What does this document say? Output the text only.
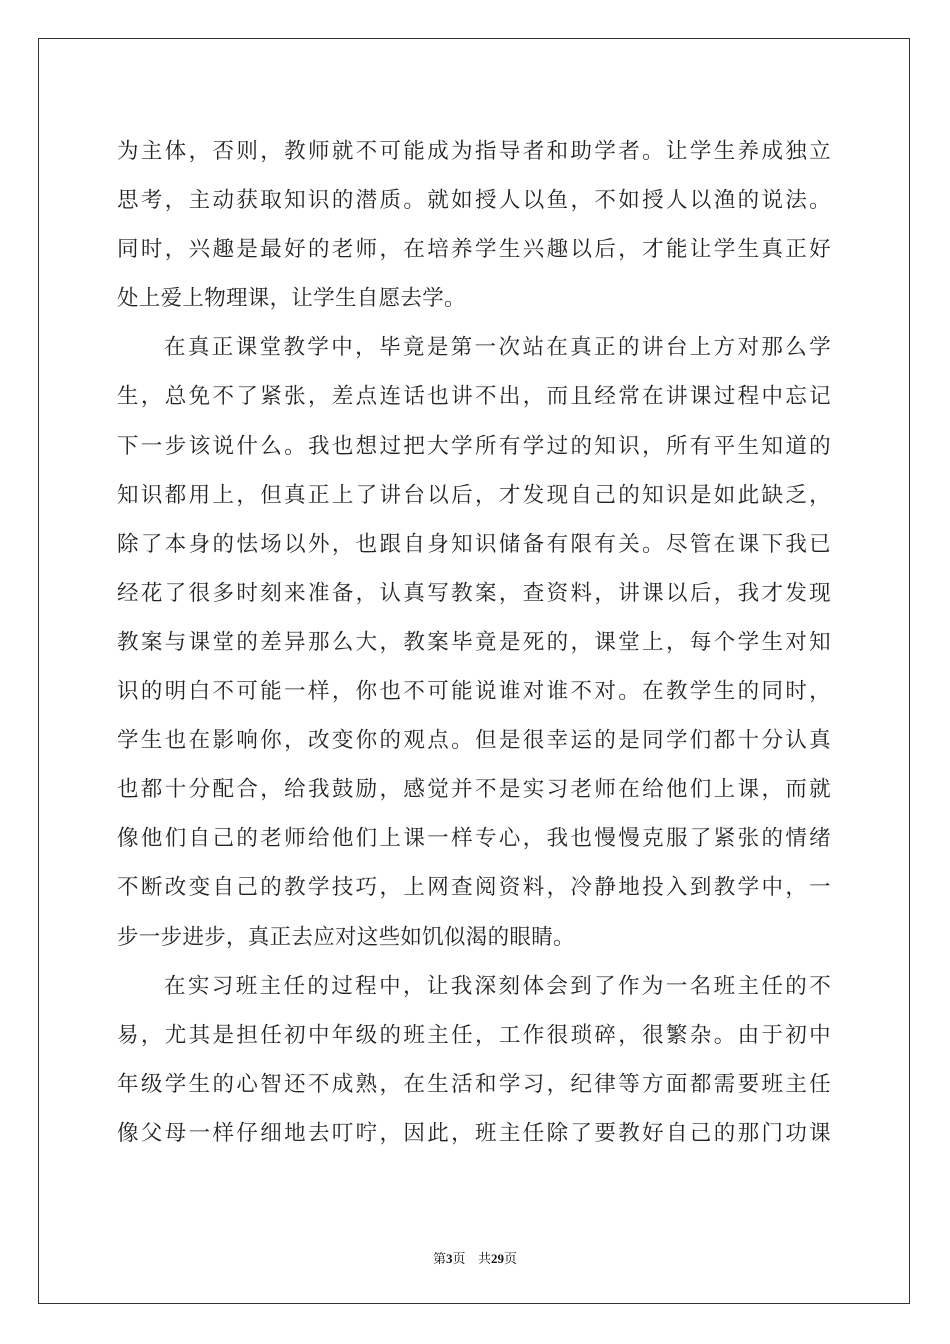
为主体，否则，教师就不可能成为指导者和助学者。让学生养成独立
思考，主动获取知识的潜质。就如授人以鱼，不如授人以渔的说法。
同时，兴趣是最好的老师，在培养学生兴趣以后，才能让学生真正好
处上爱上物理课，让学生自愿去学。
在真正课堂教学中，毕竟是第一次站在真正的讲台上方对那么学
生，总免不了紧张，差点连话也讲不出，而且经常在讲课过程中忘记
下一步该说什么。我也想过把大学所有学过的知识，所有平生知道的
知识都用上，但真正上了讲台以后，才发现自己的知识是如此缺乏，
除了本身的怯场以外，也跟自身知识储备有限有关。尽管在课下我已
经花了很多时刻来准备，认真写教案，查资料，讲课以后，我才发现
教案与课堂的差异那么大，教案毕竟是死的，课堂上，每个学生对知
识的明白不可能一样，你也不可能说谁对谁不对。在教学生的同时，
学生也在影响你，改变你的观点。但是很幸运的是同学们都十分认真
也都十分配合，给我鼓励，感觉并不是实习老师在给他们上课，而就
像他们自己的老师给他们上课一样专心，我也慢慢克服了紧张的情绪
不断改变自己的教学技巧，上网查阅资料，冷静地投入到教学中，一
步一步进步，真正去应对这些如饥似渴的眼睛。
在实习班主任的过程中，让我深刻体会到了作为一名班主任的不
易，尤其是担任初中年级的班主任，工作很琐碎，很繁杂。由于初中
年级学生的心智还不成熟，在生活和学习，纪律等方面都需要班主任
像父母一样仔细地去叮咛，因此，班主任除了要教好自己的那门功课
第3页 共29页
